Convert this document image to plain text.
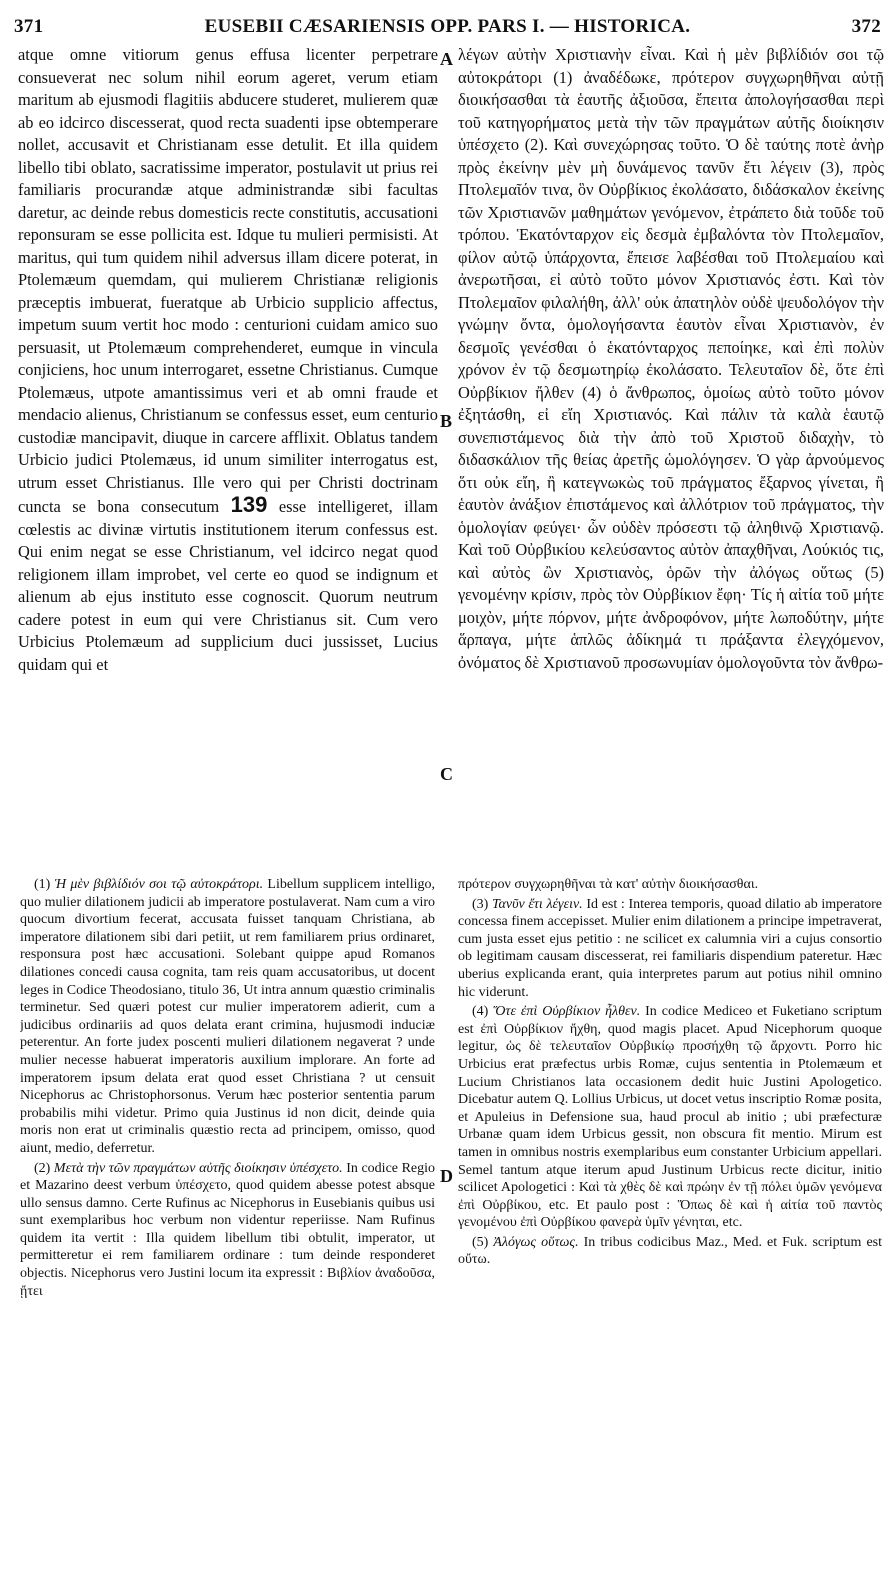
371	EUSEBII CÆSARIENSIS OPP. PARS I. — HISTORICA.	372
atque omne vitiorum genus effusa licenter perpetrare consueverat nec solum nihil eorum ageret, verum etiam maritum ab ejusmodi flagitiis abducere studeret, mulierem quæ ab eo idcirco discesserat, quod recta suadenti ipse obtemperare nollet, accusavit et Christianam esse detulit. Et illa quidem libello tibi oblato, sacratissime imperator, postulavit ut prius rei familiaris procurandæ atque administrandæ sibi facultas daretur, ac deinde rebus domesticis recte constitutis, accusationi reponsuram se esse pollicita est. Idque tu mulieri permisisti. At maritus, qui tum quidem nihil adversus illam dicere poterat, in Ptolemæum quemdam, qui mulierem Christianæ religionis præceptis imbuerat, fueratque ab Urbicio supplicio affectus, impetum suum vertit hoc modo : centurioni cuidam amico suo persuasit, ut Ptolemæum comprehenderet, eumque in vincula conjiciens, hoc unum interrogaret, essetne Christianus. Cumque Ptolemæus, utpote amantissimus veri et ab omni fraude et mendacio alienus, Christianum se confessus esset, eum centurio custodiæ mancipavit, diuque in carcere afflixit. Oblatus tandem Urbicio judici Ptolemæus, id unum similiter interrogatus est, utrum esset Christianus. Ille vero qui per Christi doctrinam cuncta se bona consecutum 139 esse intelligeret, illam cœlestis ac divinæ virtutis institutionem iterum confessus est. Qui enim negat se esse Christianum, vel idcirco negat quod religionem illam improbet, vel certe eo quod se indignum et alienum ab ejus instituto esse cognoscit. Quorum neutrum cadere potest in eum qui vere Christianus sit. Cum vero Urbicius Ptolemæum ad supplicium duci jussisset, Lucius quidam qui et
A
B
C
D
λέγων αὐτὴν Χριστιανὴν εἶναι. Καὶ ἡ μὲν βιβλίδιόν σοι τῷ αὐτοκράτορι (1) ἀναδέδωκε, πρότερον συγχωρηθῆναι αὐτῇ διοικήσασθαι τὰ ἑαυτῆς ἀξιοῦσα, ἔπειτα ἀπολογήσασθαι περὶ τοῦ κατηγορήματος μετὰ τὴν τῶν πραγμάτων αὐτῆς διοίκησιν ὑπέσχετο (2). Καὶ συνεχώρησας τοῦτο. Ὁ δὲ ταύτης ποτὲ ἀνὴρ πρὸς ἐκείνην μὲν μὴ δυνάμενος τανῦν ἔτι λέγειν (3), πρὸς Πτολεμαῖόν τινα, ὃν Οὐρβίκιος ἐκολάσατο, διδάσκαλον ἐκείνης τῶν Χριστιανῶν μαθημάτων γενόμενον, ἐτράπετο διὰ τοῦδε τοῦ τρόπου. Ἑκατόνταρχον εἰς δεσμὰ ἐμβαλόντα τὸν Πτολεμαῖον, φίλον αὐτῷ ὑπάρχοντα, ἔπεισε λαβέσθαι τοῦ Πτολεμαίου καὶ ἀνερωτῆσαι, εἰ αὐτὸ τοῦτο μόνον Χριστιανός ἐστι. Καὶ τὸν Πτολεμαῖον φιλαλήθη, ἀλλ' οὐκ ἀπατηλὸν οὐδὲ ψευδολόγον τὴν γνώμην ὄντα, ὁμολογήσαντα ἑαυτὸν εἶναι Χριστιανὸν, ἐν δεσμοῖς γενέσθαι ὁ ἑκατόνταρχος πεποίηκε, καὶ ἐπὶ πολὺν χρόνον ἐν τῷ δεσμωτηρίῳ ἐκολάσατο. Τελευταῖον δὲ, ὅτε ἐπὶ Οὐρβίκιον ἤλθεν (4) ὁ ἄνθρωπος, ὁμοίως αὐτὸ τοῦτο μόνον ἐξητάσθη, εἰ εἴη Χριστιανός. Καὶ πάλιν τὰ καλὰ ἑαυτῷ συνεπιστάμενος διὰ τὴν ἀπὸ τοῦ Χριστοῦ διδαχὴν, τὸ διδασκάλιον τῆς θείας ἀρετῆς ὡμολόγησεν. Ὁ γὰρ ἀρνούμενος ὅτι οὐκ εἴη, ἢ κατεγνωκὼς τοῦ πράγματος ἔξαρνος γίνεται, ἢ ἑαυτὸν ἀνάξιον ἐπιστάμενος καὶ ἀλλότριον τοῦ πράγματος, τὴν ὁμολογίαν φεύγει· ὧν οὐδὲν πρόσεστι τῷ ἀληθινῷ Χριστιανῷ. Καὶ τοῦ Οὐρβικίου κελεύσαντος αὐτὸν ἀπαχθῆναι, Λούκιός τις, καὶ αὐτὸς ὢν Χριστιανὸς, ὁρῶν τὴν ἀλόγως οὕτως (5) γενομένην κρίσιν, πρὸς τὸν Οὐρβίκιον ἔφη· Τίς ἡ αἰτία τοῦ μήτε μοιχὸν, μήτε πόρνον, μήτε ἀνδροφόνον, μήτε λωποδύτην, μήτε ἅρπαγα, μήτε ἁπλῶς ἀδίκημά τι πράξαντα ἐλεγχόμενον, ὀνόματος δὲ Χριστιανοῦ προσωνυμίαν ὁμολογοῦντα τὸν ἄνθρω-

(1) Ἡ μὲν βιβλίδιόν σοι τῷ αὐτοκράτορι. Libellum supplicem intelligo, quo mulier dilationem judicii ab imperatore postulaverat. Nam cum a viro quocum divortium fecerat, accusata fuisset tanquam Christiana, ab imperatore dilationem sibi dari petiit, ut rem familiarem prius ordinaret, responsura post hæc accusationi. Solebant quippe apud Romanos dilationes concedi causa cognita, tam reis quam accusatoribus, ut docent leges in Codice Theodosiano, titulo 36, Ut intra annum quæstio criminalis terminetur. Sed quæri potest cur mulier imperatorem adierit, cum a judicibus ordinariis ad quos delata erant crimina, hujusmodi induciæ peterentur. An forte judex poscenti mulieri dilationem negaverat ? unde mulier necesse habuerat imperatoris auxilium implorare. An forte ad imperatorem ipsum delata erat quod esset Christiana ? ut censuit Nicephorus ac Christophorsonus. Verum hæc posterior sententia parum probabilis mihi videtur. Primo quia Justinus id non dicit, deinde quia moris non erat ut criminalis quæstio recta ad principem, omisso, quod aiunt, medio, deferretur.

(2) Μετὰ τὴν τῶν πραγμάτων αὐτῆς διοίκησιν ὑπέσχετο. In codice Regio et Mazarino deest verbum ὑπέσχετο, quod quidem abesse potest absque ullo sensus damno. Certe Rufinus ac Nicephorus in Eusebianis quibus usi sunt exemplaribus hoc verbum non videntur reperiisse. Nam Rufinus quidem ita vertit : Illa quidem libellum tibi obtulit, imperator, ut permitteretur ei rem familiarem ordinare : tum deinde responderet objectis. Nicephorus vero Justini locum ita expressit : Βιβλίον ἀναδοῦσα, ᾔτει

πρότερον συγχωρηθῆναι τὰ κατ' αὐτὴν διοικήσασθαι.

(3) Τανῦν ἔτι λέγειν. Id est : Interea temporis, quoad dilatio ab imperatore concessa finem accepisset. Mulier enim dilationem a principe impetraverat, cum justa esset ejus petitio : ne scilicet ex calumnia viri a cujus consortio ob legitimam causam discesserat, rei familiaris dispendium pateretur. Hæc uberius explicanda erant, quia interpretes parum aut potius nihil omnino hic viderunt.

(4) Ὅτε ἐπὶ Οὐρβίκιον ἦλθεν. In codice Mediceo et Fuketiano scriptum est ἐπὶ Οὐρβίκιον ἤχθη, quod magis placet. Apud Nicephorum quoque legitur, ὡς δὲ τελευταῖον Οὐρβικίῳ προσήχθη τῷ ἄρχοντι. Porro hic Urbicius erat præfectus urbis Romæ, cujus sententia in Ptolemæum et Lucium Christianos lata occasionem dedit huic Justini Apologetico. Dicebatur autem Q. Lollius Urbicus, ut docet vetus inscriptio Romæ posita, et Apuleius in Defensione sua, haud procul ab initio ; ubi præfecturæ Urbanæ quam idem Urbicus gessit, non obscura fit mentio. Mirum est tamen in omnibus nostris exemplaribus eum constanter Urbicium appellari. Semel tantum atque iterum apud Justinum Urbicus recte dicitur, initio scilicet Apologetici : Καὶ τὰ χθὲς δὲ καὶ πρώην ἐν τῇ πόλει ὑμῶν γενόμενα ἐπὶ Οὐρβίκου, etc. Et paulo post : Ὅπως δὲ καὶ ἡ αἰτία τοῦ παντὸς γενομένου ἐπὶ Οὐρβίκου φανερὰ ὑμῖν γένηται, etc.

(5) Ἀλόγως οὕτως. In tribus codicibus Maz., Med. et Fuk. scriptum est οὔτω.
